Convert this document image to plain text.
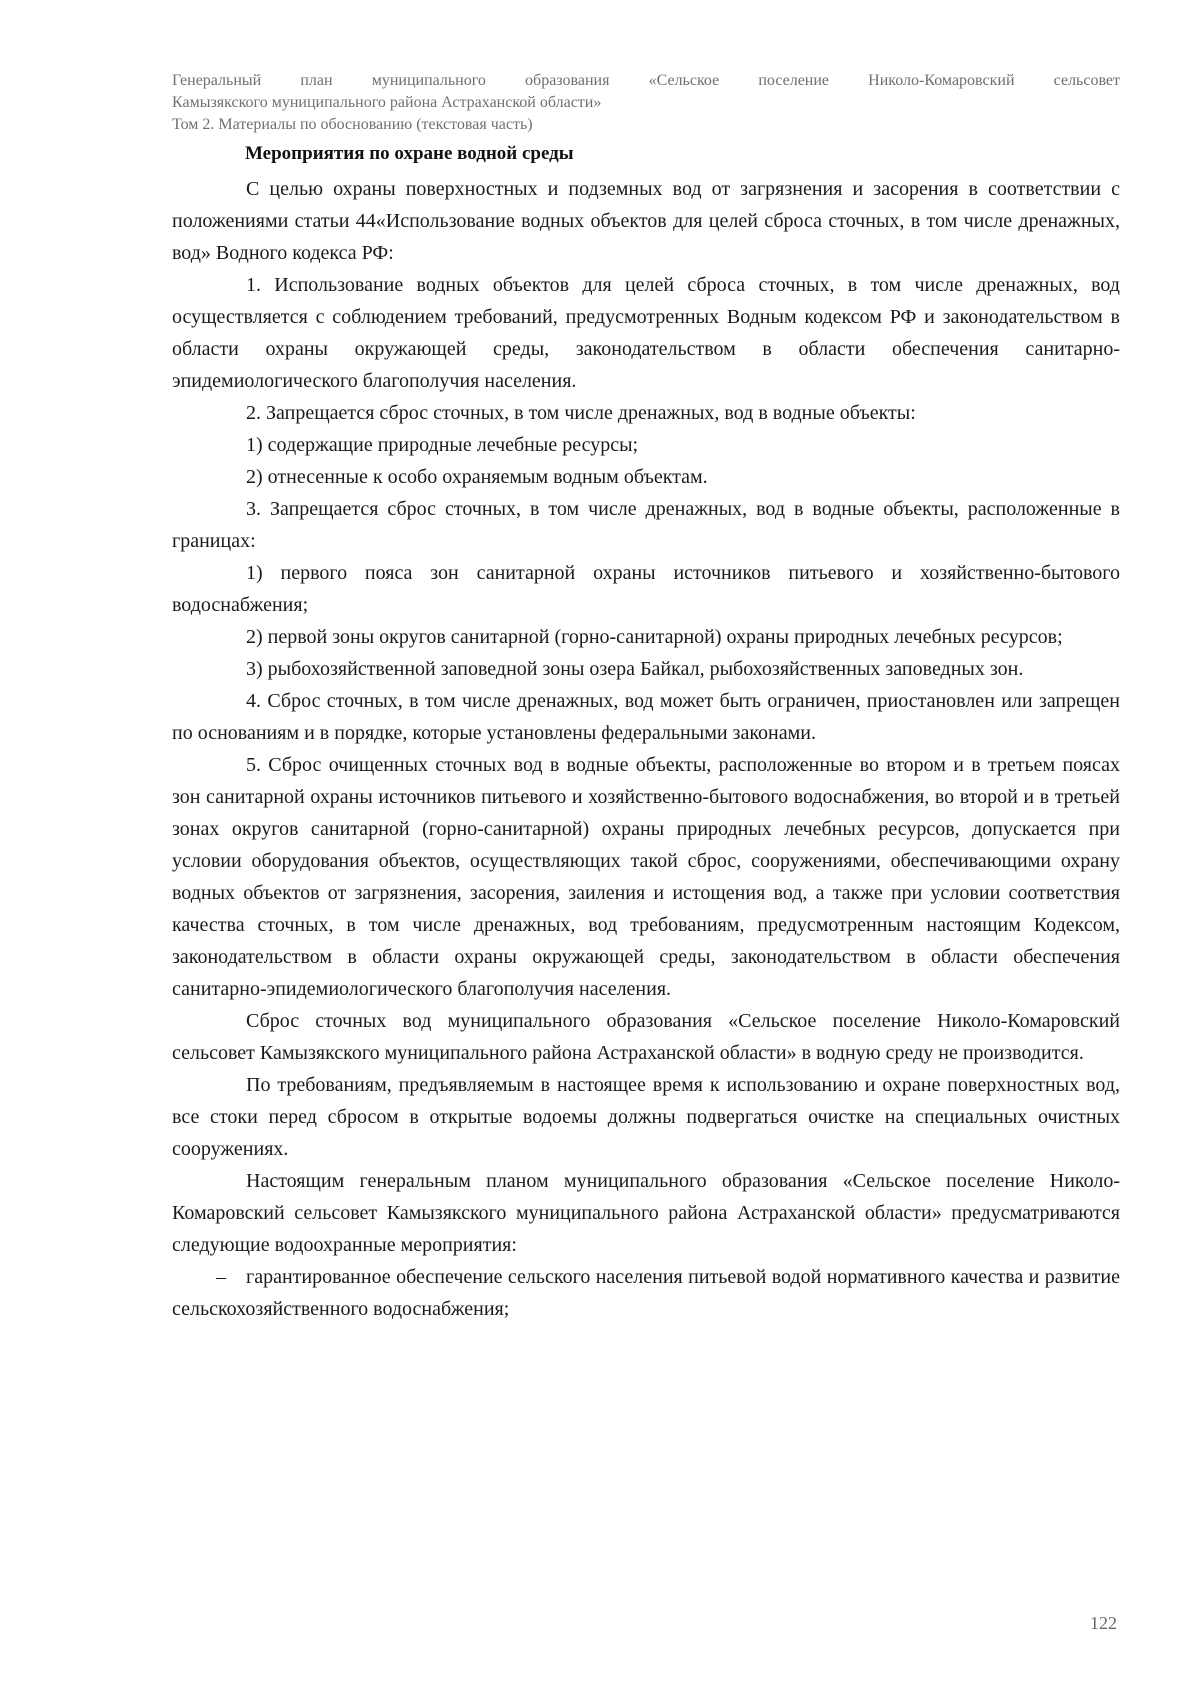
Генеральный план муниципального образования «Сельское поселение Николо-Комаровский сельсовет
Камызякского муниципального района Астраханской области»
Том 2. Материалы по обоснованию (текстовая часть)
Мероприятия по охране водной среды

С целью охраны поверхностных и подземных вод от загрязнения и засорения в соответствии с положениями статьи 44«Использование водных объектов для целей сброса сточных, в том числе дренажных, вод» Водного кодекса РФ:

1. Использование водных объектов для целей сброса сточных, в том числе дренажных, вод осуществляется с соблюдением требований, предусмотренных Водным кодексом РФ и законодательством в области охраны окружающей среды, законодательством в области обеспечения санитарно-эпидемиологического благополучия населения.

2. Запрещается сброс сточных, в том числе дренажных, вод в водные объекты:

1) содержащие природные лечебные ресурсы;

2) отнесенные к особо охраняемым водным объектам.

3. Запрещается сброс сточных, в том числе дренажных, вод в водные объекты, расположенные в границах:

1) первого пояса зон санитарной охраны источников питьевого и хозяйственно-бытового водоснабжения;

2) первой зоны округов санитарной (горно-санитарной) охраны природных лечебных ресурсов;

3) рыбохозяйственной заповедной зоны озера Байкал, рыбохозяйственных заповедных зон.

4. Сброс сточных, в том числе дренажных, вод может быть ограничен, приостановлен или запрещен по основаниям и в порядке, которые установлены федеральными законами.

5. Сброс очищенных сточных вод в водные объекты, расположенные во втором и в третьем поясах зон санитарной охраны источников питьевого и хозяйственно-бытового водоснабжения, во второй и в третьей зонах округов санитарной (горно-санитарной) охраны природных лечебных ресурсов, допускается при условии оборудования объектов, осуществляющих такой сброс, сооружениями, обеспечивающими охрану водных объектов от загрязнения, засорения, заиления и истощения вод, а также при условии соответствия качества сточных, в том числе дренажных, вод требованиям, предусмотренным настоящим Кодексом, законодательством в области охраны окружающей среды, законодательством в области обеспечения санитарно-эпидемиологического благополучия населения.

Сброс сточных вод муниципального образования «Сельское поселение Николо-Комаровский сельсовет Камызякского муниципального района Астраханской области» в водную среду не производится.

По требованиям, предъявляемым в настоящее время к использованию и охране поверхностных вод, все стоки перед сбросом в открытые водоемы должны подвергаться очистке на специальных очистных сооружениях.

Настоящим генеральным планом муниципального образования «Сельское поселение Николо-Комаровский сельсовет Камызякского муниципального района Астраханской области» предусматриваются следующие водоохранные мероприятия:

– гарантированное обеспечение сельского населения питьевой водой нормативного качества и развитие сельскохозяйственного водоснабжения;

122
